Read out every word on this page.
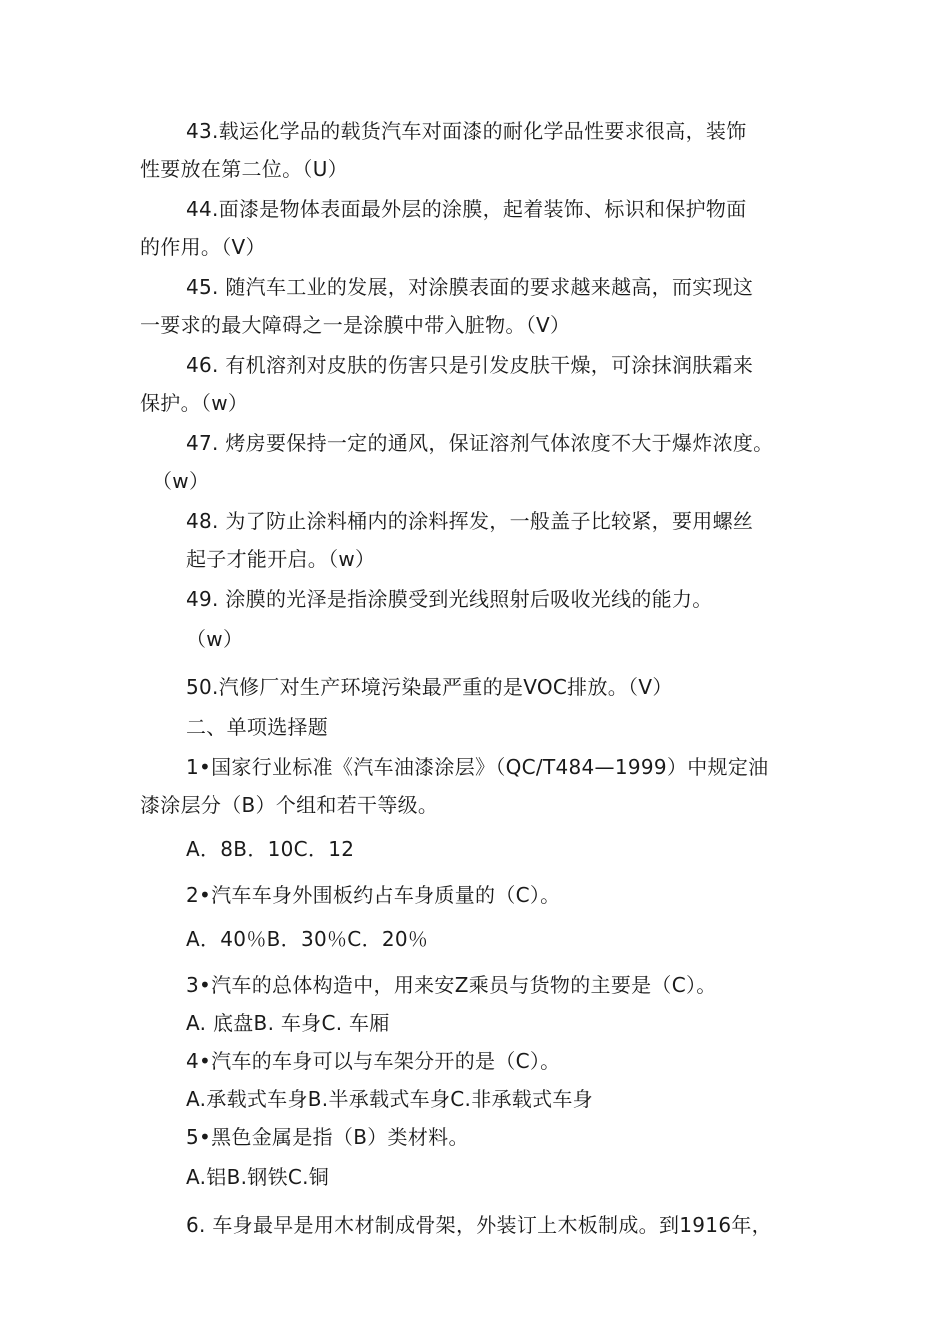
43.载运化学品的载货汽车对面漆的耐化学品性要求很高，装饰
性要放在第二位。（U）
44.面漆是物体表面最外层的涂膜，起着装饰、标识和保护物面
的作用。（V）
45. 随汽车工业的发展，对涂膜表面的要求越来越高，而实现这
一要求的最大障碍之一是涂膜中带入脏物。（V）
46. 有机溶剂对皮肤的伤害只是引发皮肤干燥，可涂抹润肤霜来
保护。（w）
47. 烤房要保持一定的通风，保证溶剂气体浓度不大于爆炸浓度。
（w）
48. 为了防止涂料桶内的涂料挥发，一般盖子比较紧，要用螺丝
起子才能开启。（w）
49. 涂膜的光泽是指涂膜受到光线照射后吸收光线的能力。
（w）
50.汽修厂对生产环境污染最严重的是VOC排放。（V）
二、单项选择题
1•国家行业标准《汽车油漆涂层》（QC/T484—1999）中规定油
漆涂层分（B）个组和若干等级。
A．8B．10C．12
2•汽车车身外围板约占车身质量的（C）。
A．40％B．30％C．20％
3•汽车的总体构造中，用来安Z乘员与货物的主要是（C）。
A. 底盘B. 车身C. 车厢
4•汽车的车身可以与车架分开的是（C）。
A.承载式车身B.半承载式车身C.非承载式车身
5•黑色金属是指（B）类材料。
A.铝B.钢铁C.铜
6. 车身最早是用木材制成骨架，外装订上木板制成。到1916年，
